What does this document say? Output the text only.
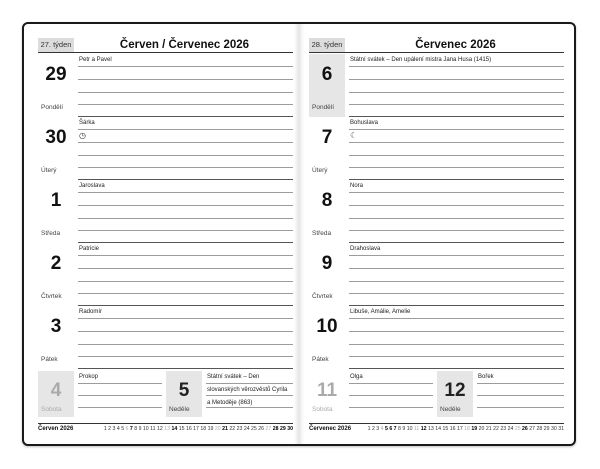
27. týden	Červen / Červenec 2026
29
Pondělí
Petr a Pavel
30
Úterý
Šárka
◷
1
Středa
Jaroslava
2
Čtvrtek
Patricie
3
Pátek
Radomír
4
Sobota
Prokop
5
Neděle
Státní svátek – Den
slovanských věrozvěstů Cyrila
a Metoděje (863)
Červen 2026	1 2 3 4 5 6 7 8 9 10 11 12 13 14 15 16 17 18 19 20 21 22 23 24 25 26 27 28 29 30
28. týden	Červenec 2026
6
Pondělí
Státní svátek – Den upálení mistra Jana Husa (1415)
7
Úterý
Bohuslava
☾
8
Středa
Nora
9
Čtvrtek
Drahoslava
10
Pátek
Libuše, Amálie, Amelie
11
Sobota
Olga
12
Neděle
Bořek
Červenec 2026	1 2 3 4 5 6 7 8 9 10 11 12 13 14 15 16 17 18 19 20 21 22 23 24 25 26 27 28 29 30 31
